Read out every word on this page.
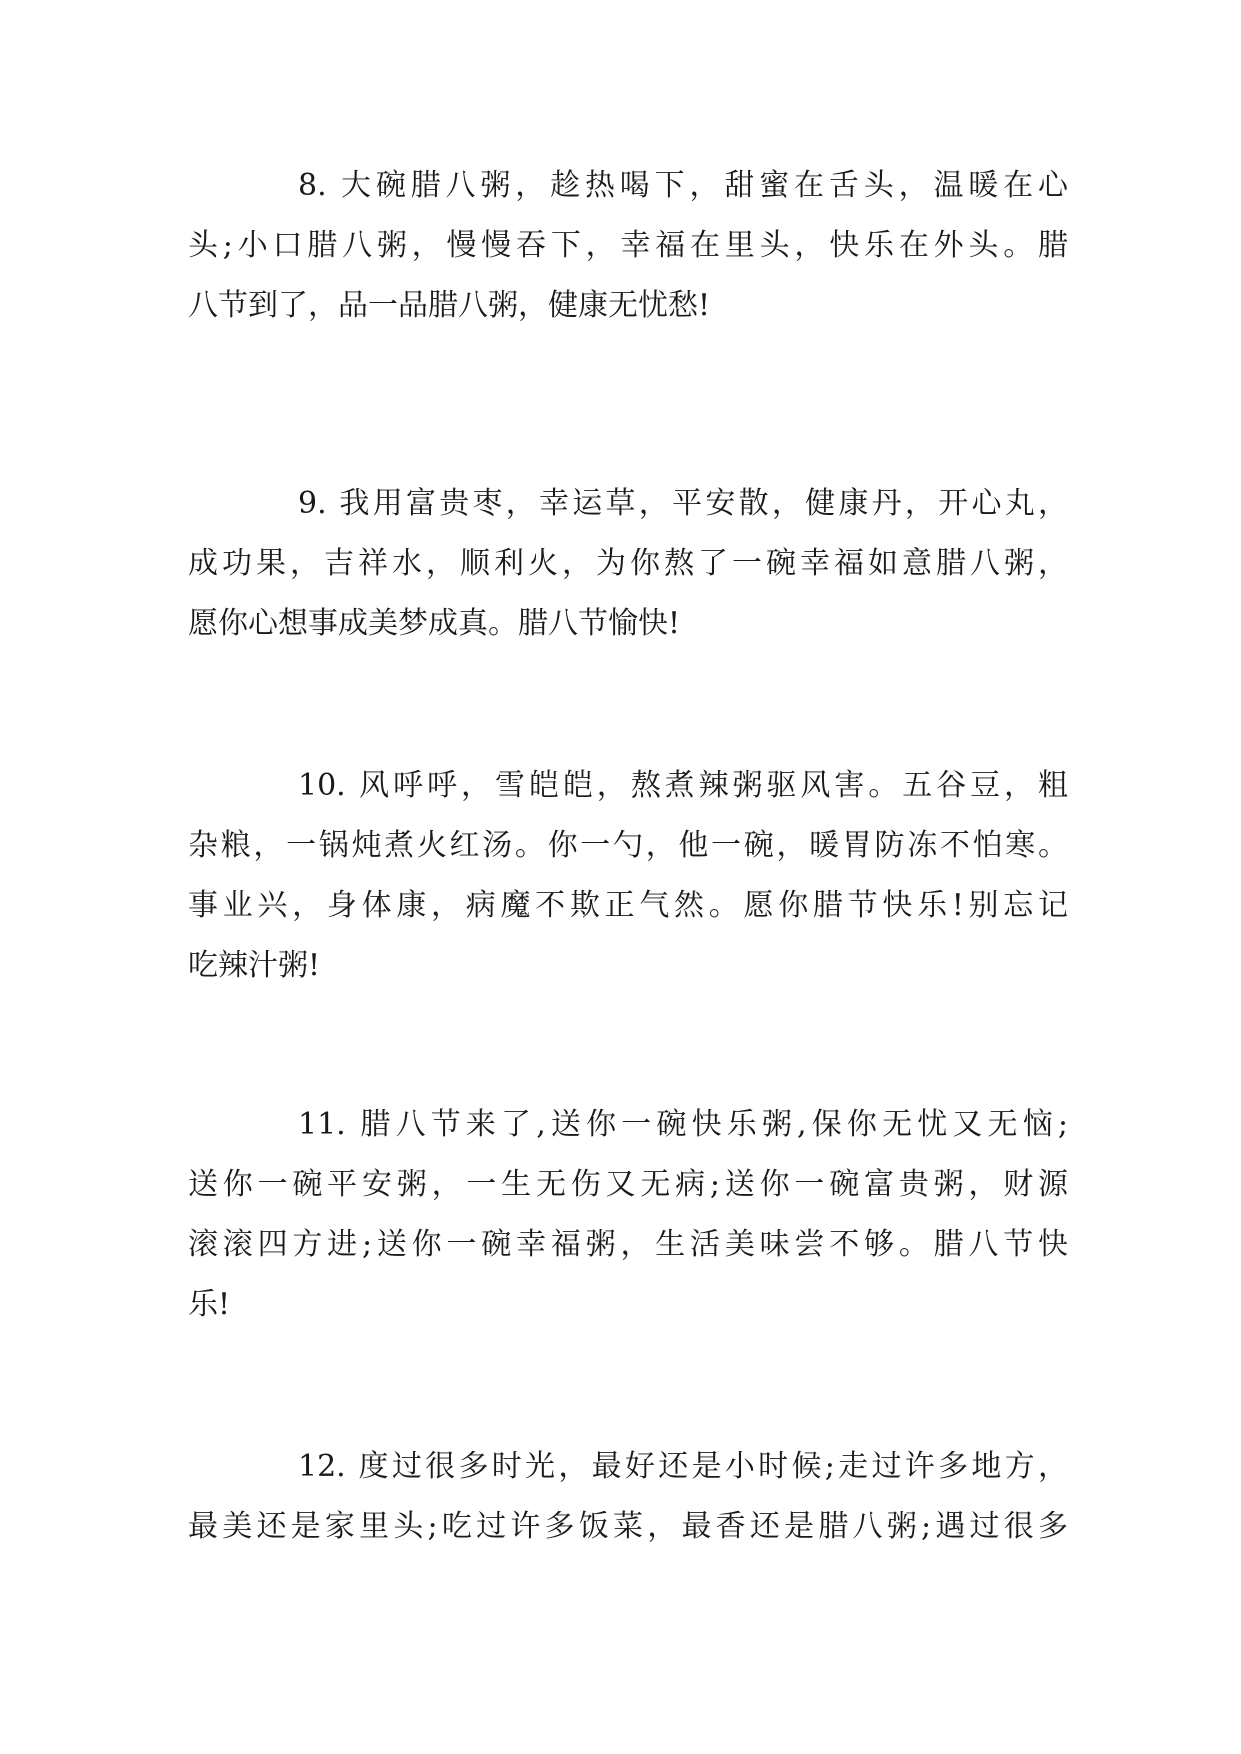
8. 大碗腊八粥，趁热喝下，甜蜜在舌头，温暖在心
头;小口腊八粥，慢慢吞下，幸福在里头，快乐在外头。腊
八节到了，品一品腊八粥，健康无忧愁!
9. 我用富贵枣，幸运草，平安散，健康丹，开心丸，
成功果，吉祥水，顺利火，为你熬了一碗幸福如意腊八粥，
愿你心想事成美梦成真。腊八节愉快!
10. 风呼呼，雪皑皑，熬煮辣粥驱风害。五谷豆，粗
杂粮，一锅炖煮火红汤。你一勺，他一碗，暖胃防冻不怕寒。
事业兴，身体康，病魔不欺正气然。愿你腊节快乐!别忘记
吃辣汁粥!
11. 腊八节来了,送你一碗快乐粥,保你无忧又无恼;
送你一碗平安粥，一生无伤又无病;送你一碗富贵粥，财源
滚滚四方进;送你一碗幸福粥，生活美味尝不够。腊八节快
乐!
12. 度过很多时光，最好还是小时候;走过许多地方，
最美还是家里头;吃过许多饭菜，最香还是腊八粥;遇过很多
